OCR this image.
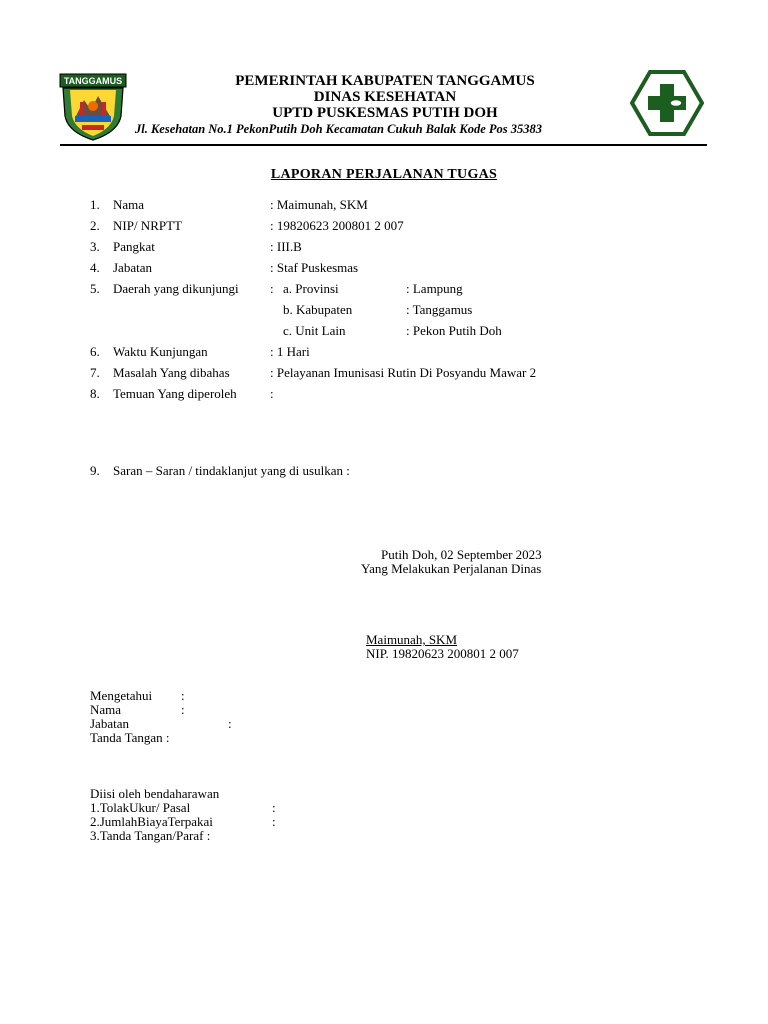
TANGGAMUS	PEMERINTAH KABUPATEN TANGGAMUS
DINAS KESEHATAN
UPTD PUSKESMAS PUTIH DOH
Jl. Kesehatan No.1 PekonPutih Doh Kecamatan Cukuh Balak Kode Pos 35383
LAPORAN PERJALANAN TUGAS
1. Nama	: Maimunah, SKM
2. NIP/ NRPTT	: 19820623 200801 2 007
3. Pangkat	: III.B
4. Jabatan	: Staf Puskesmas
5. Daerah yang dikunjungi : a. Provinsi	: Lampung
b. Kabupaten	: Tanggamus
c. Unit Lain	: Pekon Putih Doh
6. Waktu Kunjungan	: 1 Hari
7. Masalah Yang dibahas	: Pelayanan Imunisasi Rutin Di Posyandu Mawar 2
8. Temuan Yang diperoleh	:
9. Saran – Saran / tindaklanjut yang di usulkan :
Putih Doh, 02 September 2023
Yang Melakukan Perjalanan Dinas
Maimunah, SKM
NIP. 19820623 200801 2 007
Mengetahui :
Nama	:
Jabatan	:
Tanda Tangan :
Diisi oleh bendaharawan
1.TolakUkur/ Pasal	:
2.JumlahBiayaTerpakai	:
3.Tanda Tangan/Paraf :
